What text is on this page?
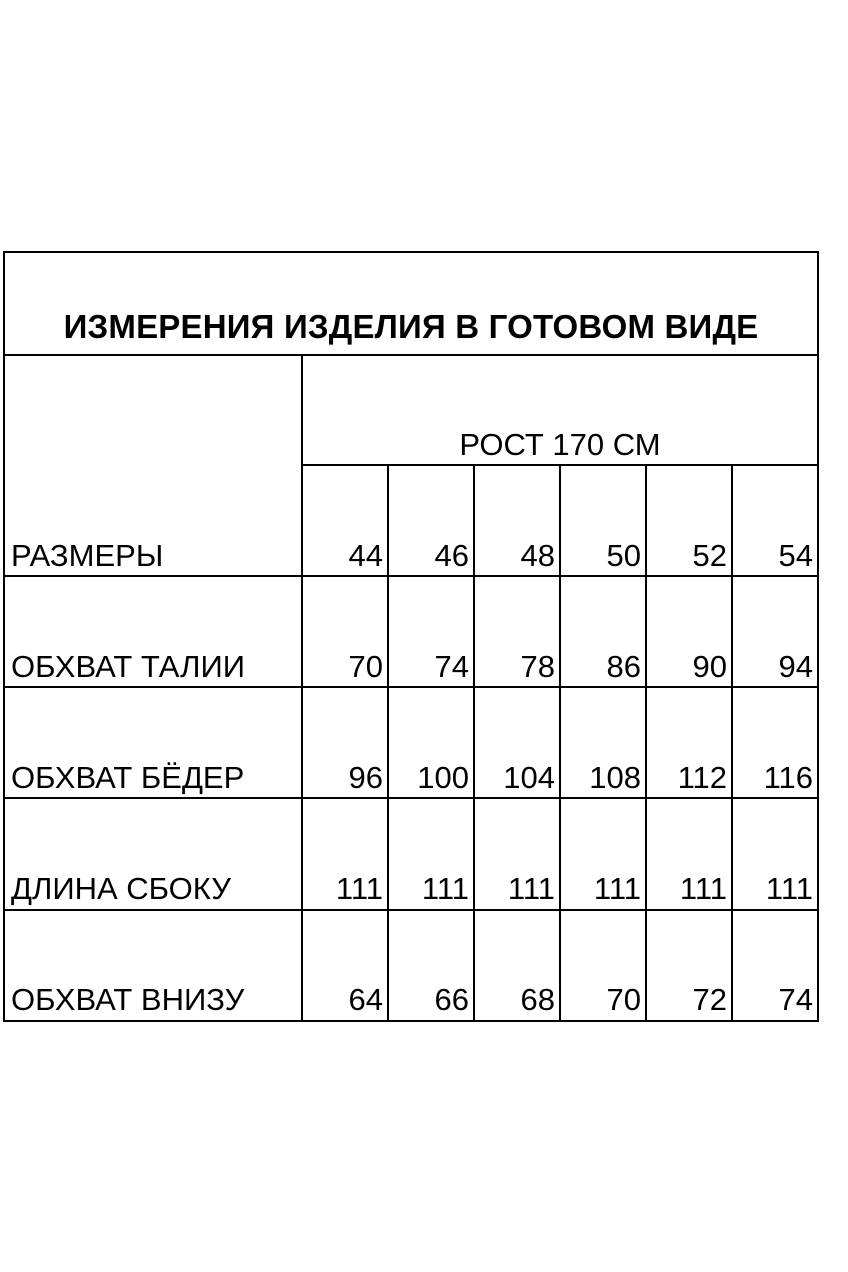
ИЗМЕРЕНИЯ ИЗДЕЛИЯ В ГОТОВОМ ВИДЕ
РОСТ 170 СМ
РАЗМЕРЫ	44	46	48	50	52	54
ОБХВАТ ТАЛИИ	70	74	78	86	90	94
ОБХВАТ БЁДЕР	96	100	104	108	112	116
ДЛИНА СБОКУ	111	111	111	111	111	111
ОБХВАТ ВНИЗУ	64	66	68	70	72	74
